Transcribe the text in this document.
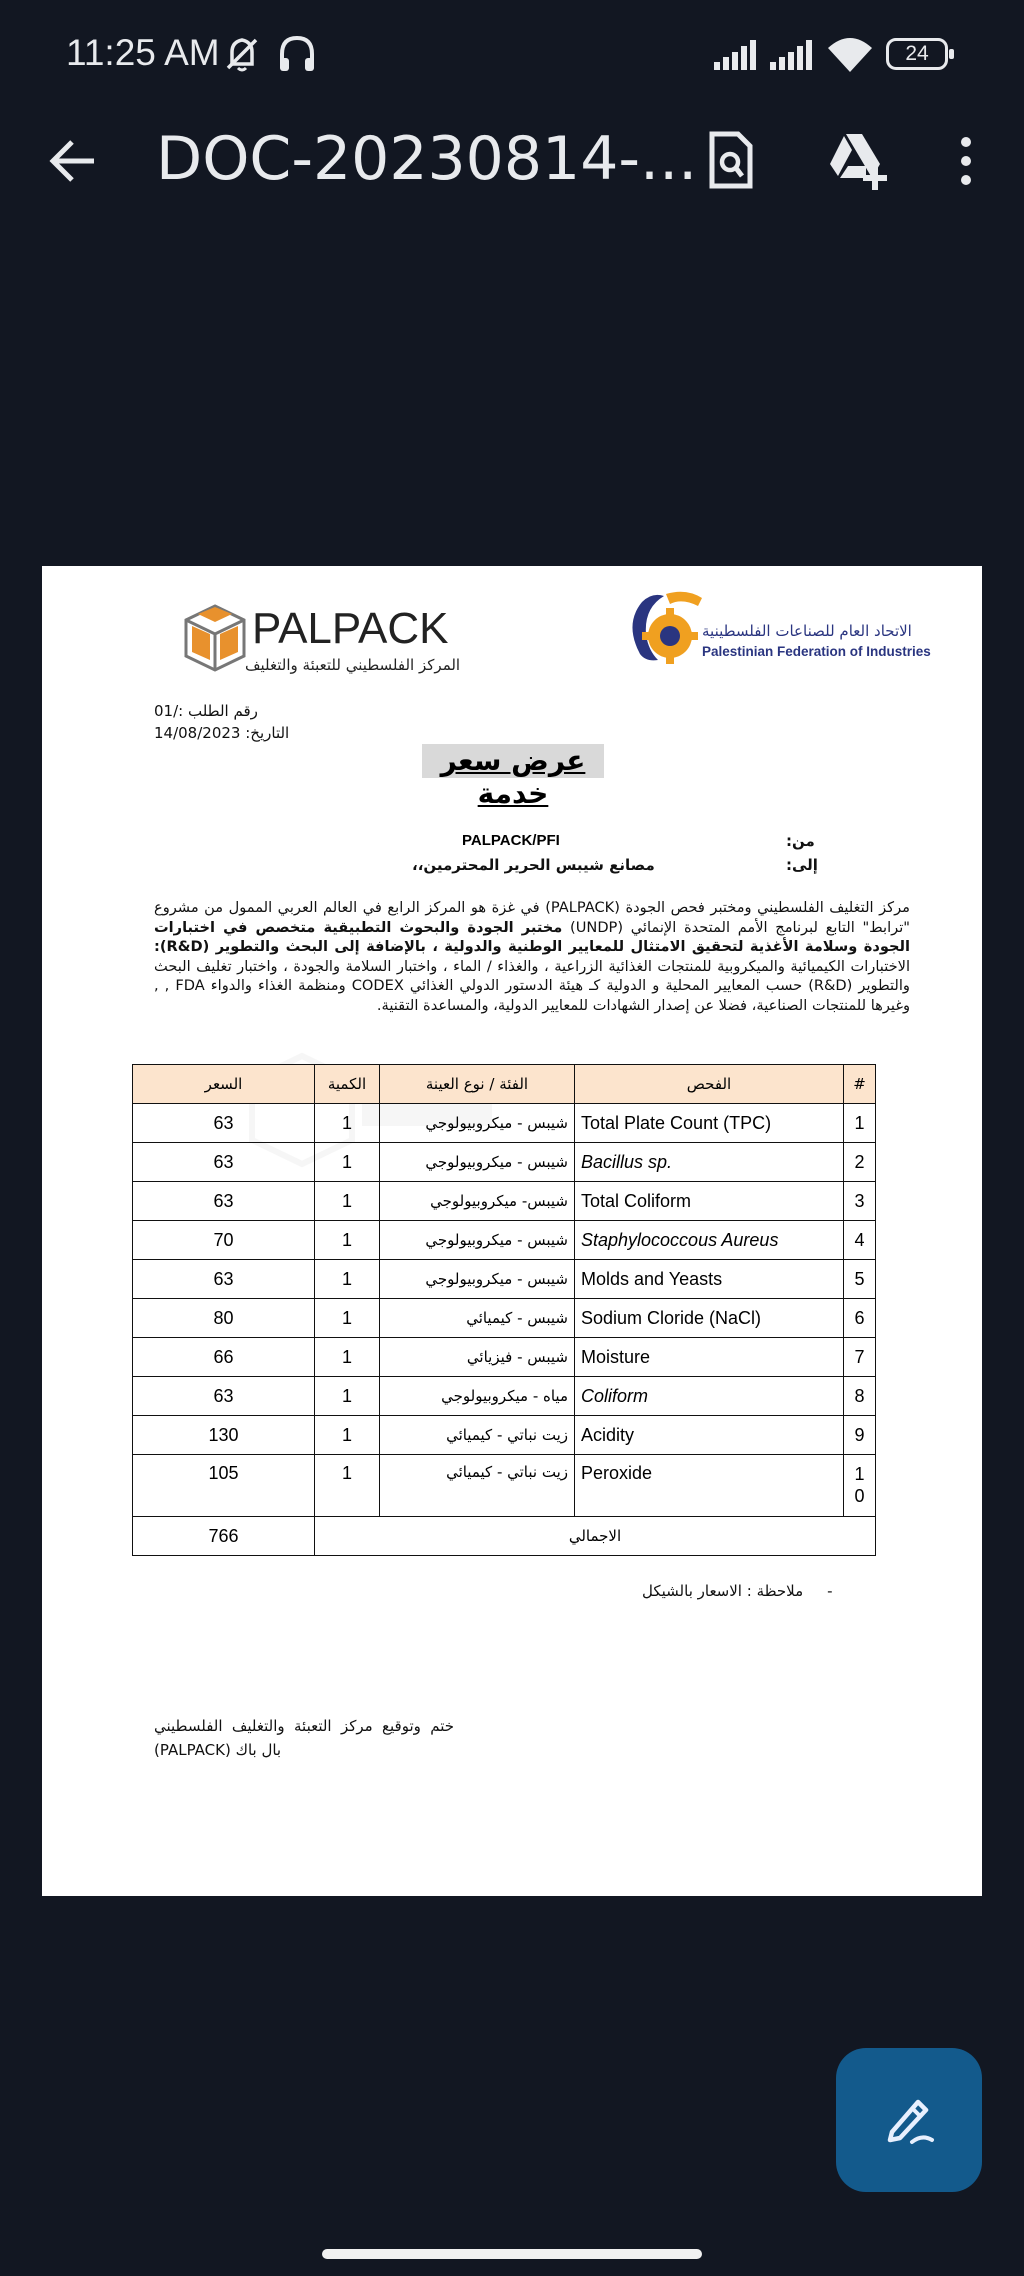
11:25 AM	24
DOC-20230814-...
PALPACK
المركز الفلسطيني للتعبئة والتغليف
الاتحاد العام للصناعات الفلسطينية
Palestinian Federation of Industries
رقم الطلب :/01
التاريخ: 14/08/2023
عرض سعر خدمة
من:
PALPACK/PFI
إلى:
مصانع شيبس الحرير المحترمين،،
مركز التغليف الفلسطيني ومختبر فحص الجودة (PALPACK) في غزة هو المركز الرابع في العالم العربي الممول من مشروع "ترابط" التابع لبرنامج الأمم المتحدة الإنمائي (UNDP) مختبر الجودة والبحوث التطبيقية متخصص في اختبارات الجودة وسلامة الأغذية لتحقيق الامتثال للمعايير الوطنية والدولية ، بالإضافة إلى البحث والتطوير (R&D): الاختبارات الكيميائية والميكروبية للمنتجات الغذائية الزراعية ، والغذاء / الماء ، واختبار السلامة والجودة ، واختبار تغليف البحث والتطوير (R&D) حسب المعايير المحلية و الدولية كـ هيئة الدستور الدولي الغذائي CODEX ومنظمة الغذاء والدواء FDA , , وغيرها للمنتجات الصناعية، فضلا عن إصدار الشهادات للمعايير الدولية، والمساعدة التقنية.
#	الفحص	الفئة / نوع العينة	الكمية	السعر
1	Total Plate Count (TPC)	شيبس - ميكروبيولوجي	1	63
2	Bacillus sp.	شيبس - ميكروبيولوجي	1	63
3	Total Coliform	شيبس- ميكروبيولوجي	1	63
4	Staphylococcous Aureus	شيبس - ميكروبيولوجي	1	70
5	Molds and Yeasts	شيبس - ميكروبيولوجي	1	63
6	Sodium Cloride (NaCl)	شيبس - كيميائي	1	80
7	Moisture	شيبس - فيزيائي	1	66
8	Coliform	مياه - ميكروبيولوجي	1	63
9	Acidity	زيت نباتي - كيميائي	1	130
10	Peroxide	زيت نباتي - كيميائي	1	105
الاجمالي				766
-ملاحظة : الاسعار بالشيكل
ختم وتوقيع مركز التعبئة والتغليف الفلسطيني بال باك (PALPACK)
